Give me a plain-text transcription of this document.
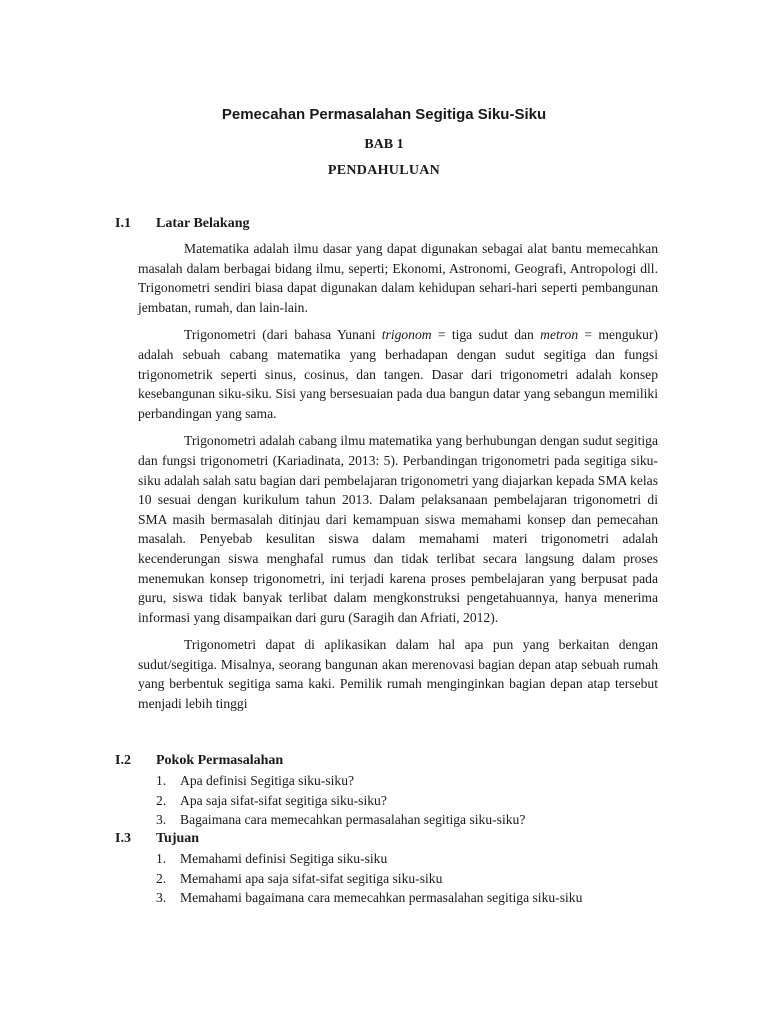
Pemecahan Permasalahan Segitiga Siku-Siku
BAB 1
PENDAHULUAN
I.1 Latar Belakang

Matematika adalah ilmu dasar yang dapat digunakan sebagai alat bantu memecahkan masalah dalam berbagai bidang ilmu, seperti; Ekonomi, Astronomi, Geografi, Antropologi dll. Trigonometri sendiri biasa dapat digunakan dalam kehidupan sehari-hari seperti pembangunan jembatan, rumah, dan lain-lain.

Trigonometri (dari bahasa Yunani trigonom = tiga sudut dan metron = mengukur) adalah sebuah cabang matematika yang berhadapan dengan sudut segitiga dan fungsi trigonometrik seperti sinus, cosinus, dan tangen. Dasar dari trigonometri adalah konsep kesebangunan siku-siku. Sisi yang bersesuaian pada dua bangun datar yang sebangun memiliki perbandingan yang sama.

Trigonometri adalah cabang ilmu matematika yang berhubungan dengan sudut segitiga dan fungsi trigonometri (Kariadinata, 2013: 5). Perbandingan trigonometri pada segitiga siku-siku adalah salah satu bagian dari pembelajaran trigonometri yang diajarkan kepada SMA kelas 10 sesuai dengan kurikulum tahun 2013. Dalam pelaksanaan pembelajaran trigonometri di SMA masih bermasalah ditinjau dari kemampuan siswa memahami konsep dan pemecahan masalah. Penyebab kesulitan siswa dalam memahami materi trigonometri adalah kecenderungan siswa menghafal rumus dan tidak terlibat secara langsung dalam proses menemukan konsep trigonometri, ini terjadi karena proses pembelajaran yang berpusat pada guru, siswa tidak banyak terlibat dalam mengkonstruksi pengetahuannya, hanya menerima informasi yang disampaikan dari guru (Saragih dan Afriati, 2012).

Trigonometri dapat di aplikasikan dalam hal apa pun yang berkaitan dengan sudut/segitiga. Misalnya, seorang bangunan akan merenovasi bagian depan atap sebuah rumah yang berbentuk segitiga sama kaki. Pemilik rumah menginginkan bagian depan atap tersebut menjadi lebih tinggi

I.2 Pokok Permasalahan
1. Apa definisi Segitiga siku-siku?
2. Apa saja sifat-sifat segitiga siku-siku?
3. Bagaimana cara memecahkan permasalahan segitiga siku-siku?
I.3 Tujuan
1. Memahami definisi Segitiga siku-siku
2. Memahami apa saja sifat-sifat segitiga siku-siku
3. Memahami bagaimana cara memecahkan permasalahan segitiga siku-siku
